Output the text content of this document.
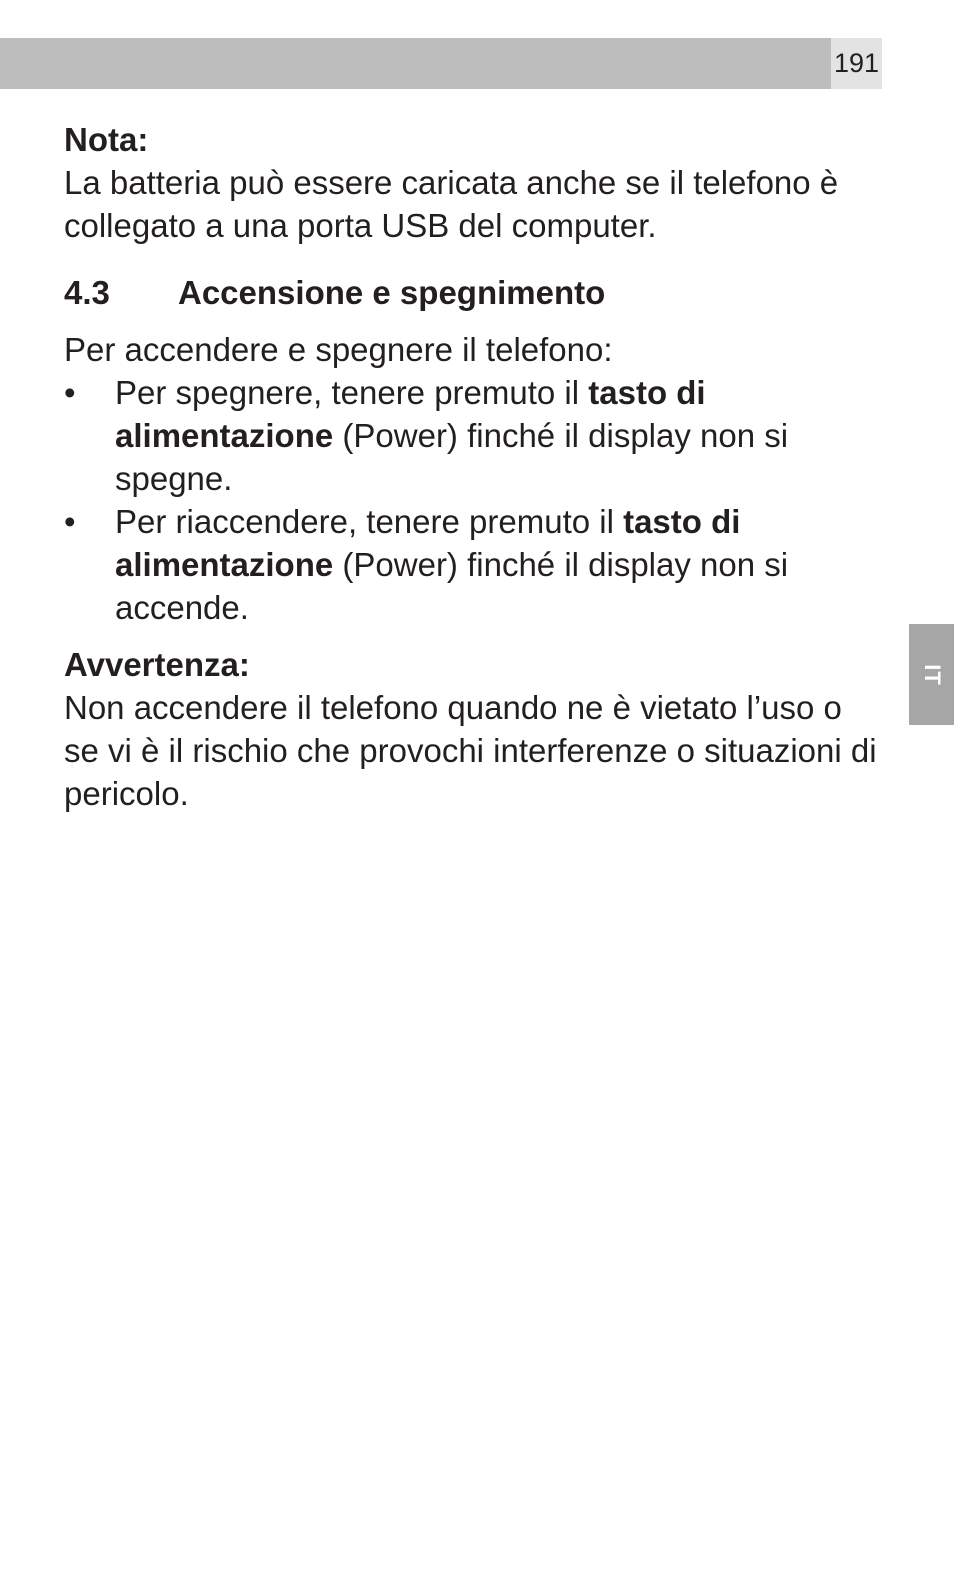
191
IT

Nota:

La batteria può essere caricata anche se il telefono è collegato a una porta USB del computer.

4.3	Accensione e spegnimento

Per accendere e spegnere il telefono:

• Per spegnere, tenere premuto il tasto di alimentazione (Power) finché il display non si spegne.
• Per riaccendere, tenere premuto il tasto di alimentazione (Power) finché il display non si accende.

Avvertenza:

Non accendere il telefono quando ne è vietato l’uso o se vi è il rischio che provochi interferenze o situazioni di pericolo.
